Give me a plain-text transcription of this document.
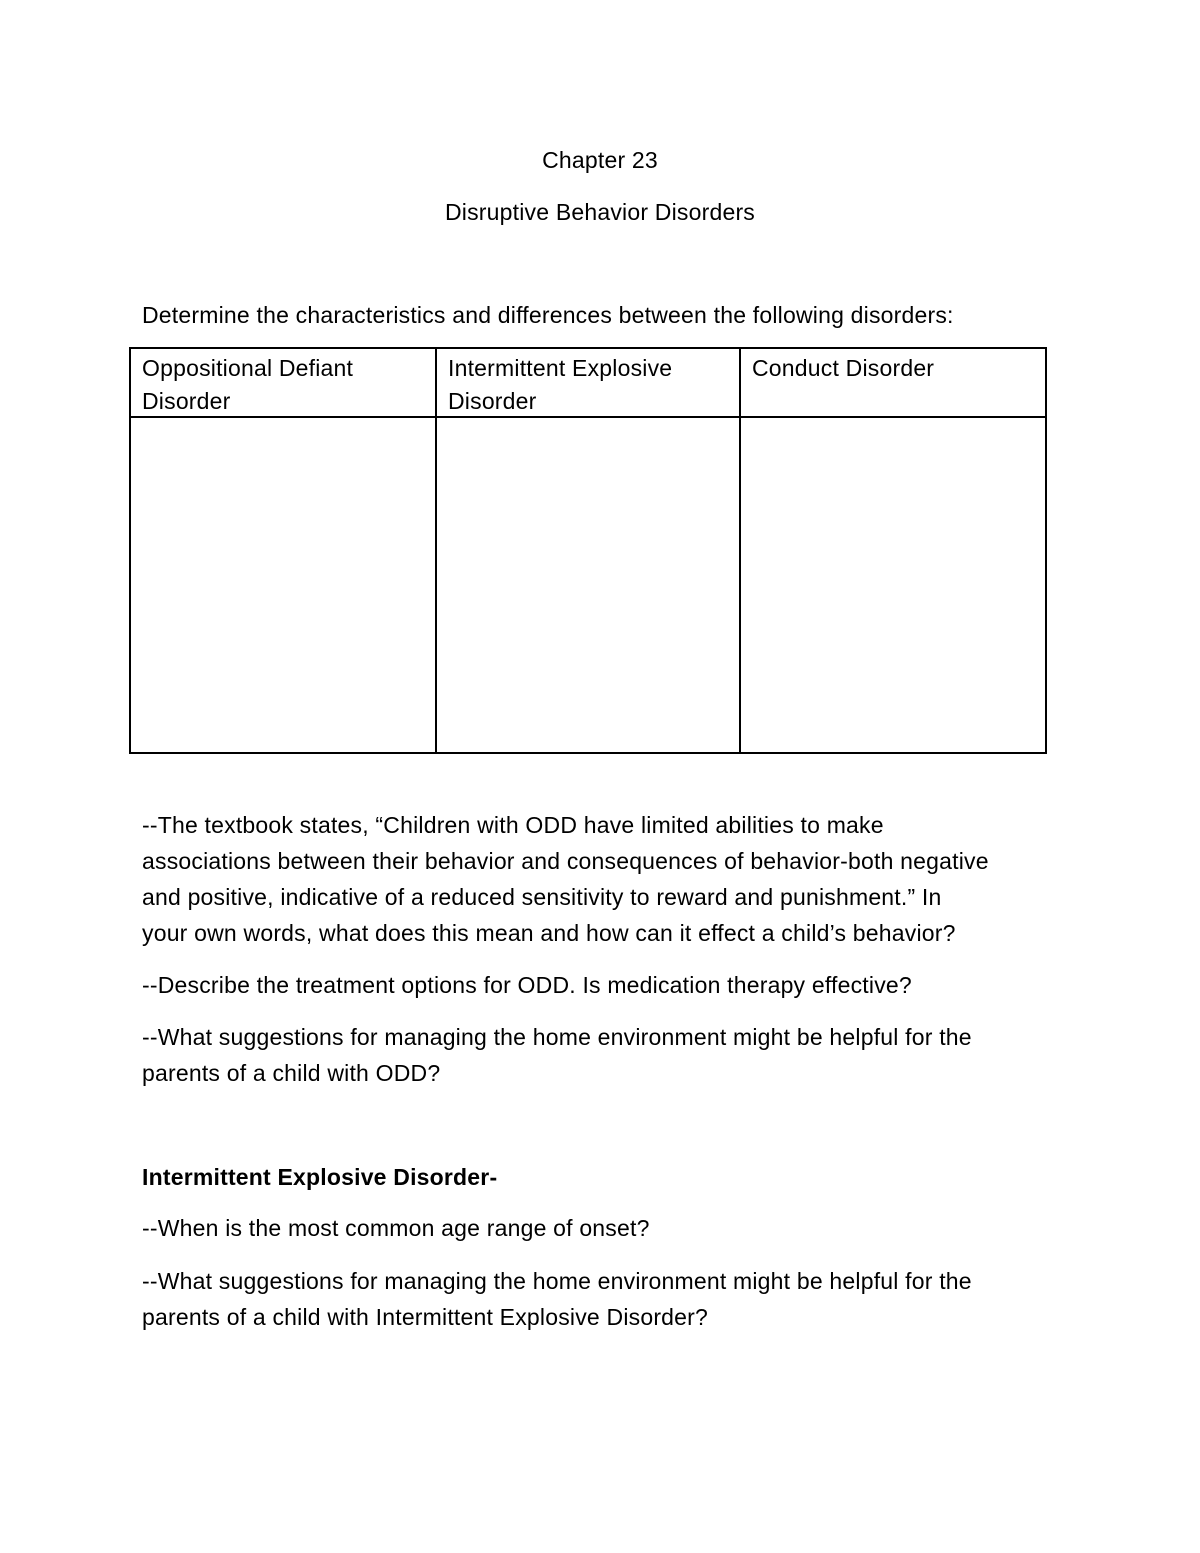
Chapter 23
Disruptive Behavior Disorders
Determine the characteristics and differences between the following disorders:
Oppositional Defiant
Disorder
Intermittent Explosive
Disorder
Conduct Disorder
--The textbook states, “Children with ODD have limited abilities to make
associations between their behavior and consequences of behavior-both negative
and positive, indicative of a reduced sensitivity to reward and punishment.” In
your own words, what does this mean and how can it effect a child’s behavior?
--Describe the treatment options for ODD. Is medication therapy effective?
--What suggestions for managing the home environment might be helpful for the
parents of a child with ODD?
Intermittent Explosive Disorder-
--When is the most common age range of onset?
--What suggestions for managing the home environment might be helpful for the
parents of a child with Intermittent Explosive Disorder?
